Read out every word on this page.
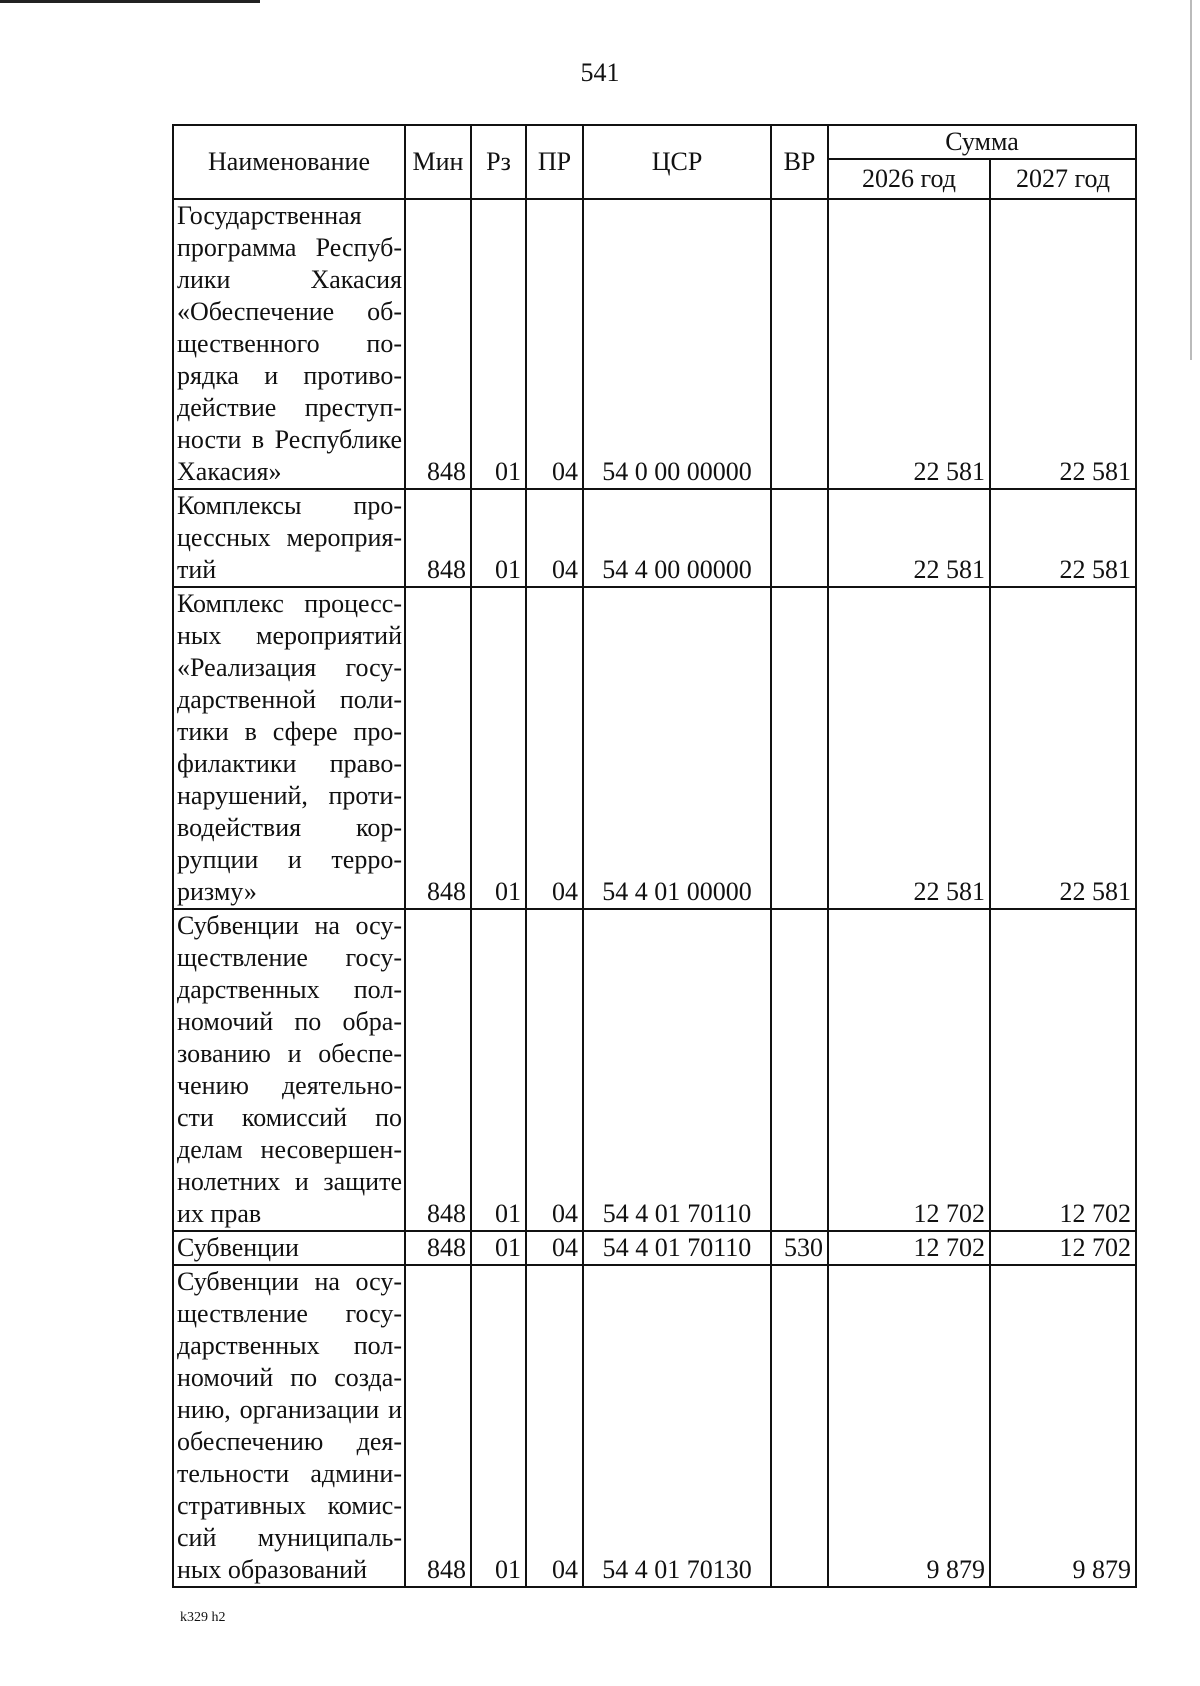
541
Наименование	Мин	Рз	ПР	ЦСР	ВР	Сумма	
						2026 год	2027 год
Государственная программа Республики Хакасия «Обеспечение общественного порядка и противодействие преступности в Республике Хакасия»	848	01	04	54 0 00 00000		22 581	22 581
Комплексы процессных мероприятий	848	01	04	54 4 00 00000		22 581	22 581
Комплекс процессных мероприятий «Реализация государственной политики в сфере профилактики правонарушений, противодействия коррупции и терроризму»	848	01	04	54 4 01 00000		22 581	22 581
Субвенции на осуществление государственных полномочий по образованию и обеспечению деятельности комиссий по делам несовершеннолетних и защите их прав	848	01	04	54 4 01 70110		12 702	12 702
Субвенции	848	01	04	54 4 01 70110	530	12 702	12 702
Субвенции на осуществление государственных полномочий по созданию, организации и обеспечению деятельности административных комиссий муниципальных образований	848	01	04	54 4 01 70130		9 879	9 879
k329 h2
